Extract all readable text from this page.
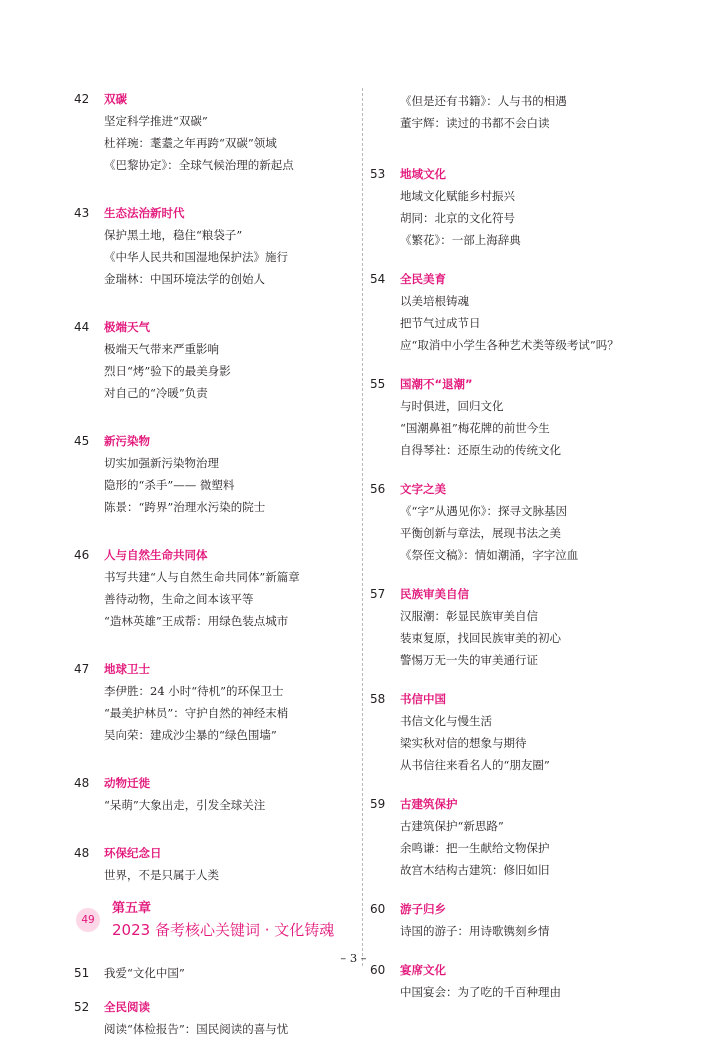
42	双碳
坚定科学推进“双碳”
杜祥琬：耄耋之年再跨“双碳”领域
《巴黎协定》：全球气候治理的新起点
43	生态法治新时代
保护黑土地，稳住“粮袋子”
《中华人民共和国湿地保护法》施行
金瑞林：中国环境法学的创始人
44	极端天气
极端天气带来严重影响
烈日“烤”验下的最美身影
对自己的“冷暖”负责
45	新污染物
切实加强新污染物治理
隐形的“杀手”—— 微塑料
陈景：“跨界”治理水污染的院士
46	人与自然生命共同体
书写共建“人与自然生命共同体”新篇章
善待动物，生命之间本该平等
“造林英雄”王成帮：用绿色装点城市
47	地球卫士
李伊胜：24 小时“待机”的环保卫士
“最美护林员”：守护自然的神经末梢
吴向荣：建成沙尘暴的“绿色围墙”
48	动物迁徙
“呆萌”大象出走，引发全球关注
48	环保纪念日
世界，不是只属于人类
49
第五章
2023 备考核心关键词 · 文化铸魂
51	我爱“文化中国”
52	全民阅读
阅读“体检报告”：国民阅读的喜与忧
《但是还有书籍》：人与书的相遇
董宇辉：读过的书都不会白读
53	地域文化
地域文化赋能乡村振兴
胡同：北京的文化符号
《繁花》：一部上海辞典
54	全民美育
以美培根铸魂
把节气过成节日
应“取消中小学生各种艺术类等级考试”吗？
55	国潮不“退潮”
与时俱进，回归文化
“国潮鼻祖”梅花牌的前世今生
自得琴社：还原生动的传统文化
56	文字之美
《“字”从遇见你》：探寻文脉基因
平衡创新与章法，展现书法之美
《祭侄文稿》：情如潮涌，字字泣血
57	民族审美自信
汉服潮：彰显民族审美自信
装束复原，找回民族审美的初心
警惕万无一失的审美通行证
58	书信中国
书信文化与慢生活
梁实秋对信的想象与期待
从书信往来看名人的“朋友圈”
59	古建筑保护
古建筑保护“新思路”
余鸣谦：把一生献给文物保护
故宫木结构古建筑：修旧如旧
60	游子归乡
诗国的游子：用诗歌镌刻乡情
60	宴席文化
中国宴会：为了吃的千百种理由
– 3 –
